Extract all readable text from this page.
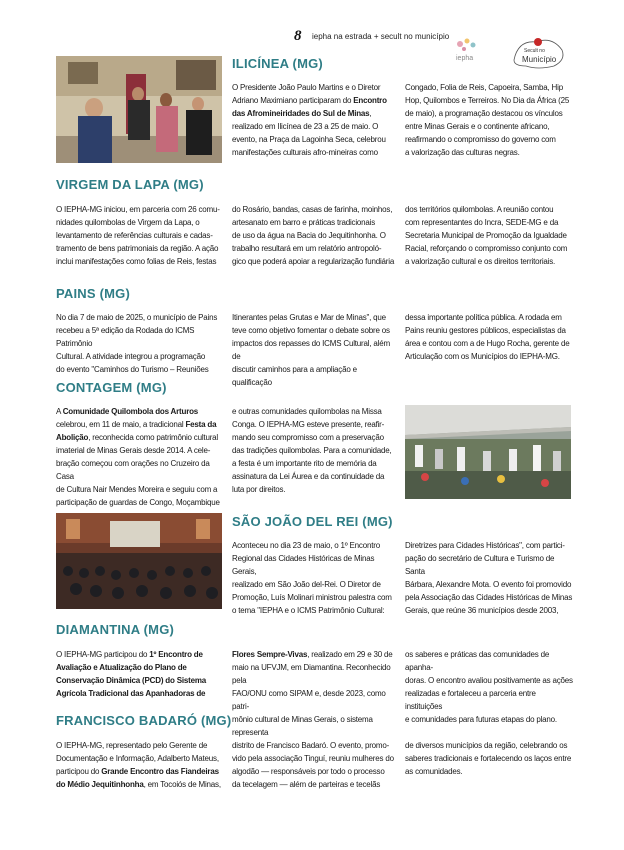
8 iepha na estrada + secult no município
iepha
Secult no
Município
ILICÍNEA (MG)
O Presidente João Paulo Martins e o Diretor
Adriano Maximiano participaram do Encontro
das Afromineiridades do Sul de Minas,
realizado em Ilicínea de 23 a 25 de maio. O
evento, na Praça da Lagoinha Seca, celebrou
manifestações culturais afro-mineiras como
Congado, Folia de Reis, Capoeira, Samba, Hip
Hop, Quilombos e Terreiros. No Dia da África (25
de maio), a programação destacou os vínculos
entre Minas Gerais e o continente africano,
reafirmando o compromisso do governo com
a valorização das culturas negras.
VIRGEM DA LAPA (MG)
O IEPHA-MG iniciou, em parceria com 26 comu-
nidades quilombolas de Virgem da Lapa, o
levantamento de referências culturais e cadas-
tramento de bens patrimoniais da região. A ação
inclui manifestações como folias de Reis, festas
do Rosário, bandas, casas de farinha, moinhos,
artesanato em barro e práticas tradicionais
de uso da água na Bacia do Jequitinhonha. O
trabalho resultará em um relatório antropoló-
gico que poderá apoiar a regularização fundiária
dos territórios quilombolas. A reunião contou
com representantes do Incra, SEDE-MG e da
Secretaria Municipal de Promoção da Igualdade
Racial, reforçando o compromisso conjunto com
a valorização cultural e os direitos territoriais.
PAINS (MG)
No dia 7 de maio de 2025, o município de Pains
recebeu a 5ª edição da Rodada do ICMS Patrimônio
Cultural. A atividade integrou a programação
do evento "Caminhos do Turismo – Reuniões
Itinerantes pelas Grutas e Mar de Minas", que
teve como objetivo fomentar o debate sobre os
impactos dos repasses do ICMS Cultural, além de
discutir caminhos para a ampliação e qualificação
dessa importante política pública. A rodada em
Pains reuniu gestores públicos, especialistas da
área e contou com a de Hugo Rocha, gerente de
Articulação com os Municípios do IEPHA-MG.
CONTAGEM (MG)
A Comunidade Quilombola dos Arturos
celebrou, em 11 de maio, a tradicional Festa da
Abolição, reconhecida como patrimônio cultural
imaterial de Minas Gerais desde 2014. A cele-
bração começou com orações no Cruzeiro da Casa
de Cultura Nair Mendes Moreira e seguiu com a
participação de guardas de Congo, Moçambique
e outras comunidades quilombolas na Missa
Conga. O IEPHA-MG esteve presente, reafir-
mando seu compromisso com a preservação
das tradições quilombolas. Para a comunidade,
a festa é um importante rito de memória da
assinatura da Lei Áurea e da continuidade da
luta por direitos.
SÃO JOÃO DEL REI (MG)
Aconteceu no dia 23 de maio, o 1º Encontro
Regional das Cidades Históricas de Minas Gerais,
realizado em São João del-Rei. O Diretor de
Promoção, Luís Molinari ministrou palestra com
o tema "IEPHA e o ICMS Patrimônio Cultural:
Diretrizes para Cidades Históricas", com partici-
pação do secretário de Cultura e Turismo de Santa
Bárbara, Alexandre Mota. O evento foi promovido
pela Associação das Cidades Históricas de Minas
Gerais, que reúne 36 municípios desde 2003,
DIAMANTINA (MG)
O IEPHA-MG participou do 1º Encontro de
Avaliação e Atualização do Plano de
Conservação Dinâmica (PCD) do Sistema
Agrícola Tradicional das Apanhadoras de
Flores Sempre-Vivas, realizado em 29 e 30 de
maio na UFVJM, em Diamantina. Reconhecido pela
FAO/ONU como SIPAM e, desde 2023, como patri-
mônio cultural de Minas Gerais, o sistema representa
os saberes e práticas das comunidades de apanha-
doras. O encontro avaliou positivamente as ações
realizadas e fortaleceu a parceria entre instituições
e comunidades para futuras etapas do plano.
FRANCISCO BADARÓ (MG)
O IEPHA-MG, representado pelo Gerente de
Documentação e Informação, Adalberto Mateus,
participou do Grande Encontro das Fiandeiras
do Médio Jequitinhonha, em Tocoiós de Minas,
distrito de Francisco Badaró. O evento, promo-
vido pela associação Tinguí, reuniu mulheres do
algodão — responsáveis por todo o processo
da tecelagem — além de parteiras e tecelãs
de diversos municípios da região, celebrando os
saberes tradicionais e fortalecendo os laços entre
as comunidades.
